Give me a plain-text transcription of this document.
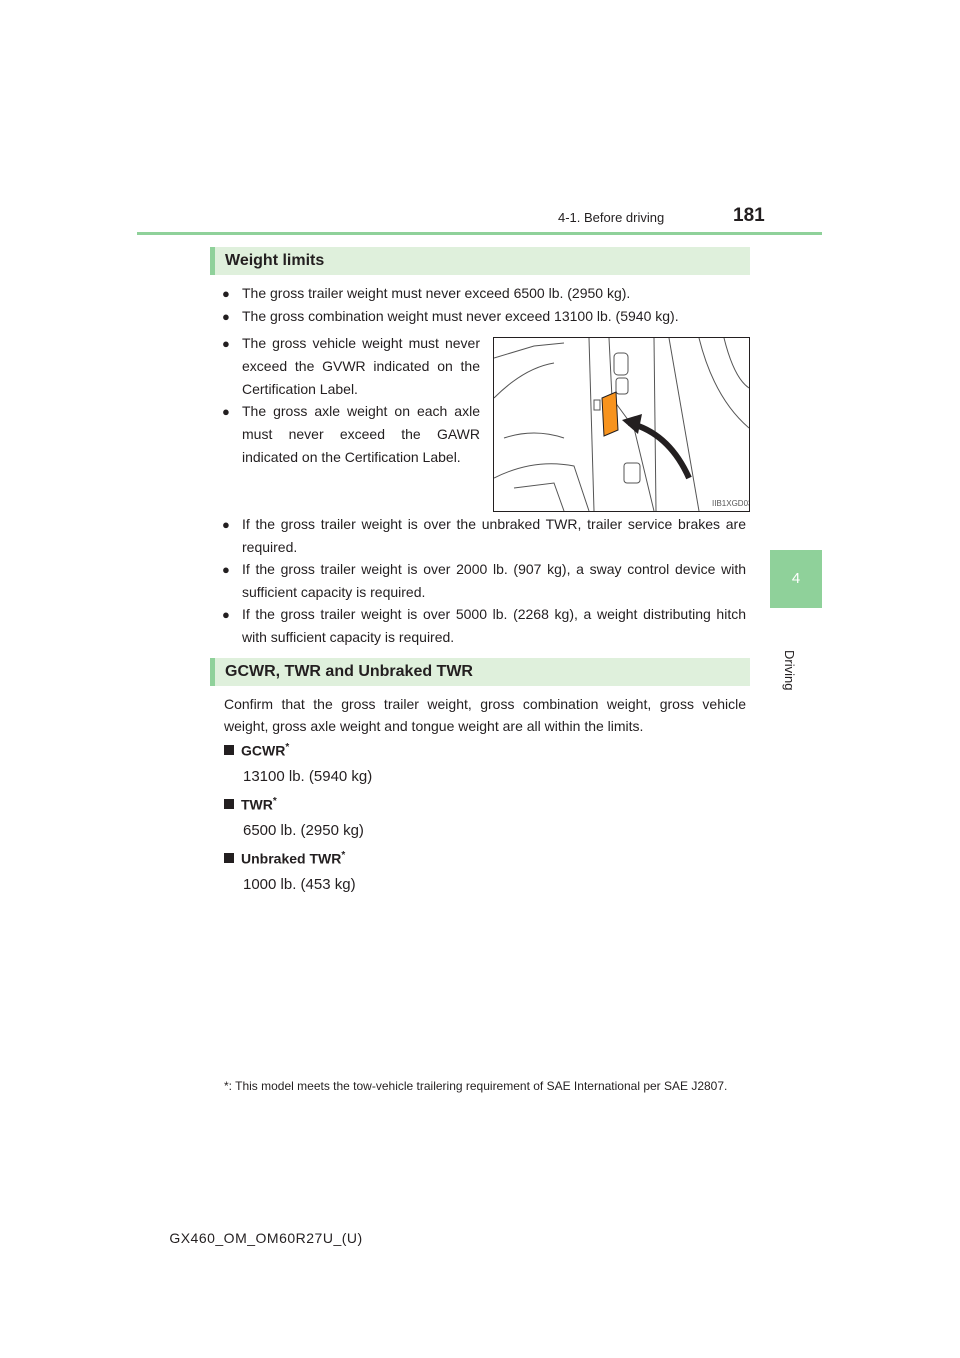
4-1. Before driving	181
4
Driving
Weight limits
● The gross trailer weight must never exceed 6500 lb. (2950 kg).
● The gross combination weight must never exceed 13100 lb. (5940 kg).
● The gross vehicle weight must never exceed the GVWR indicated on the Certification Label.
● The gross axle weight on each axle must never exceed the GAWR indicated on the Certification Label.
IIB1XGD03
● If the gross trailer weight is over the unbraked TWR, trailer service brakes are required.
● If the gross trailer weight is over 2000 lb. (907 kg), a sway control device with sufficient capacity is required.
● If the gross trailer weight is over 5000 lb. (2268 kg), a weight distributing hitch with sufficient capacity is required.
GCWR, TWR and Unbraked TWR
Confirm that the gross trailer weight, gross combination weight, gross vehicle weight, gross axle weight and tongue weight are all within the limits.
GCWR*
13100 lb. (5940 kg)
TWR*
6500 lb. (2950 kg)
Unbraked TWR*
1000 lb. (453 kg)
*: This model meets the tow-vehicle trailering requirement of SAE International per SAE J2807.
GX460_OM_OM60R27U_(U)
